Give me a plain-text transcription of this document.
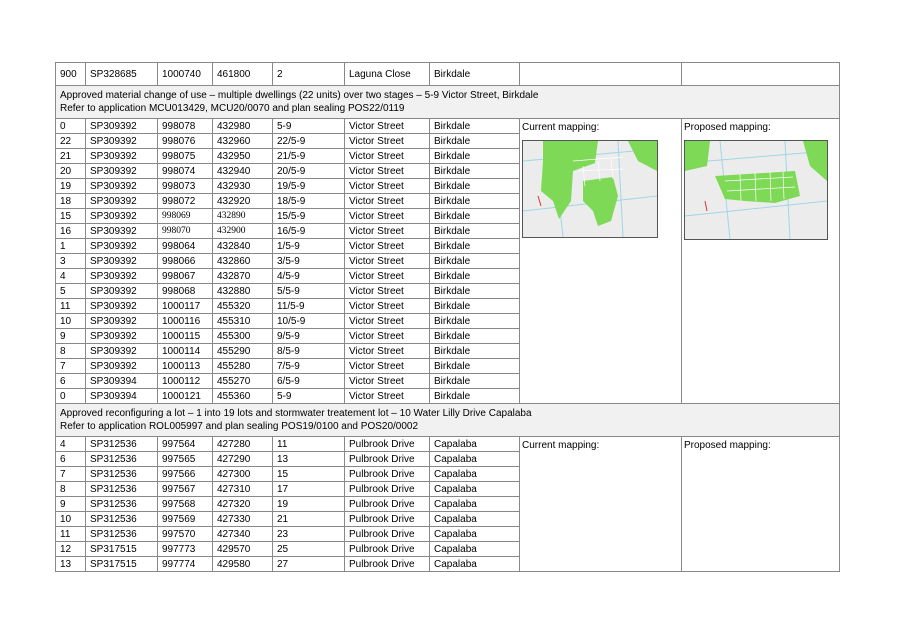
900	SP328685	1000740	461800	2	Laguna Close	Birkdale		

Approved material change of use – multiple dwellings (22 units) over two stages – 5-9 Victor Street, Birkdale
Refer to application MCU013429, MCU20/0070 and plan sealing POS22/0119								

0	SP309392	998078	432980	5-9	Victor Street	Birkdale	Current mapping:	Proposed mapping:

22	SP309392	998076	432960	22/5-9	Victor Street	Birkdale		
21	SP309392	998075	432950	21/5-9	Victor Street	Birkdale		
20	SP309392	998074	432940	20/5-9	Victor Street	Birkdale		
19	SP309392	998073	432930	19/5-9	Victor Street	Birkdale		
18	SP309392	998072	432920	18/5-9	Victor Street	Birkdale		
15	SP309392	998069	432890	15/5-9	Victor Street	Birkdale		
16	SP309392	998070	432900	16/5-9	Victor Street	Birkdale		
1	SP309392	998064	432840	1/5-9	Victor Street	Birkdale		
3	SP309392	998066	432860	3/5-9	Victor Street	Birkdale		
4	SP309392	998067	432870	4/5-9	Victor Street	Birkdale		
5	SP309392	998068	432880	5/5-9	Victor Street	Birkdale		
11	SP309392	1000117	455320	11/5-9	Victor Street	Birkdale		
10	SP309392	1000116	455310	10/5-9	Victor Street	Birkdale		
9	SP309392	1000115	455300	9/5-9	Victor Street	Birkdale		
8	SP309392	1000114	455290	8/5-9	Victor Street	Birkdale		
7	SP309392	1000113	455280	7/5-9	Victor Street	Birkdale		
6	SP309394	1000112	455270	6/5-9	Victor Street	Birkdale		
0	SP309394	1000121	455360	5-9	Victor Street	Birkdale		

Approved reconfiguring a lot – 1 into 19 lots and stormwater treatement lot – 10 Water Lilly Drive Capalaba
Refer to application ROL005997 and plan sealing POS19/0100 and POS20/0002								

4	SP312536	997564	427280	11	Pulbrook Drive	Capalaba	Current mapping:	Proposed mapping:

6	SP312536	997565	427290	13	Pulbrook Drive	Capalaba		
7	SP312536	997566	427300	15	Pulbrook Drive	Capalaba		
8	SP312536	997567	427310	17	Pulbrook Drive	Capalaba		
9	SP312536	997568	427320	19	Pulbrook Drive	Capalaba		
10	SP312536	997569	427330	21	Pulbrook Drive	Capalaba		
11	SP312536	997570	427340	23	Pulbrook Drive	Capalaba		
12	SP317515	997773	429570	25	Pulbrook Drive	Capalaba		
13	SP317515	997774	429580	27	Pulbrook Drive	Capalaba		
